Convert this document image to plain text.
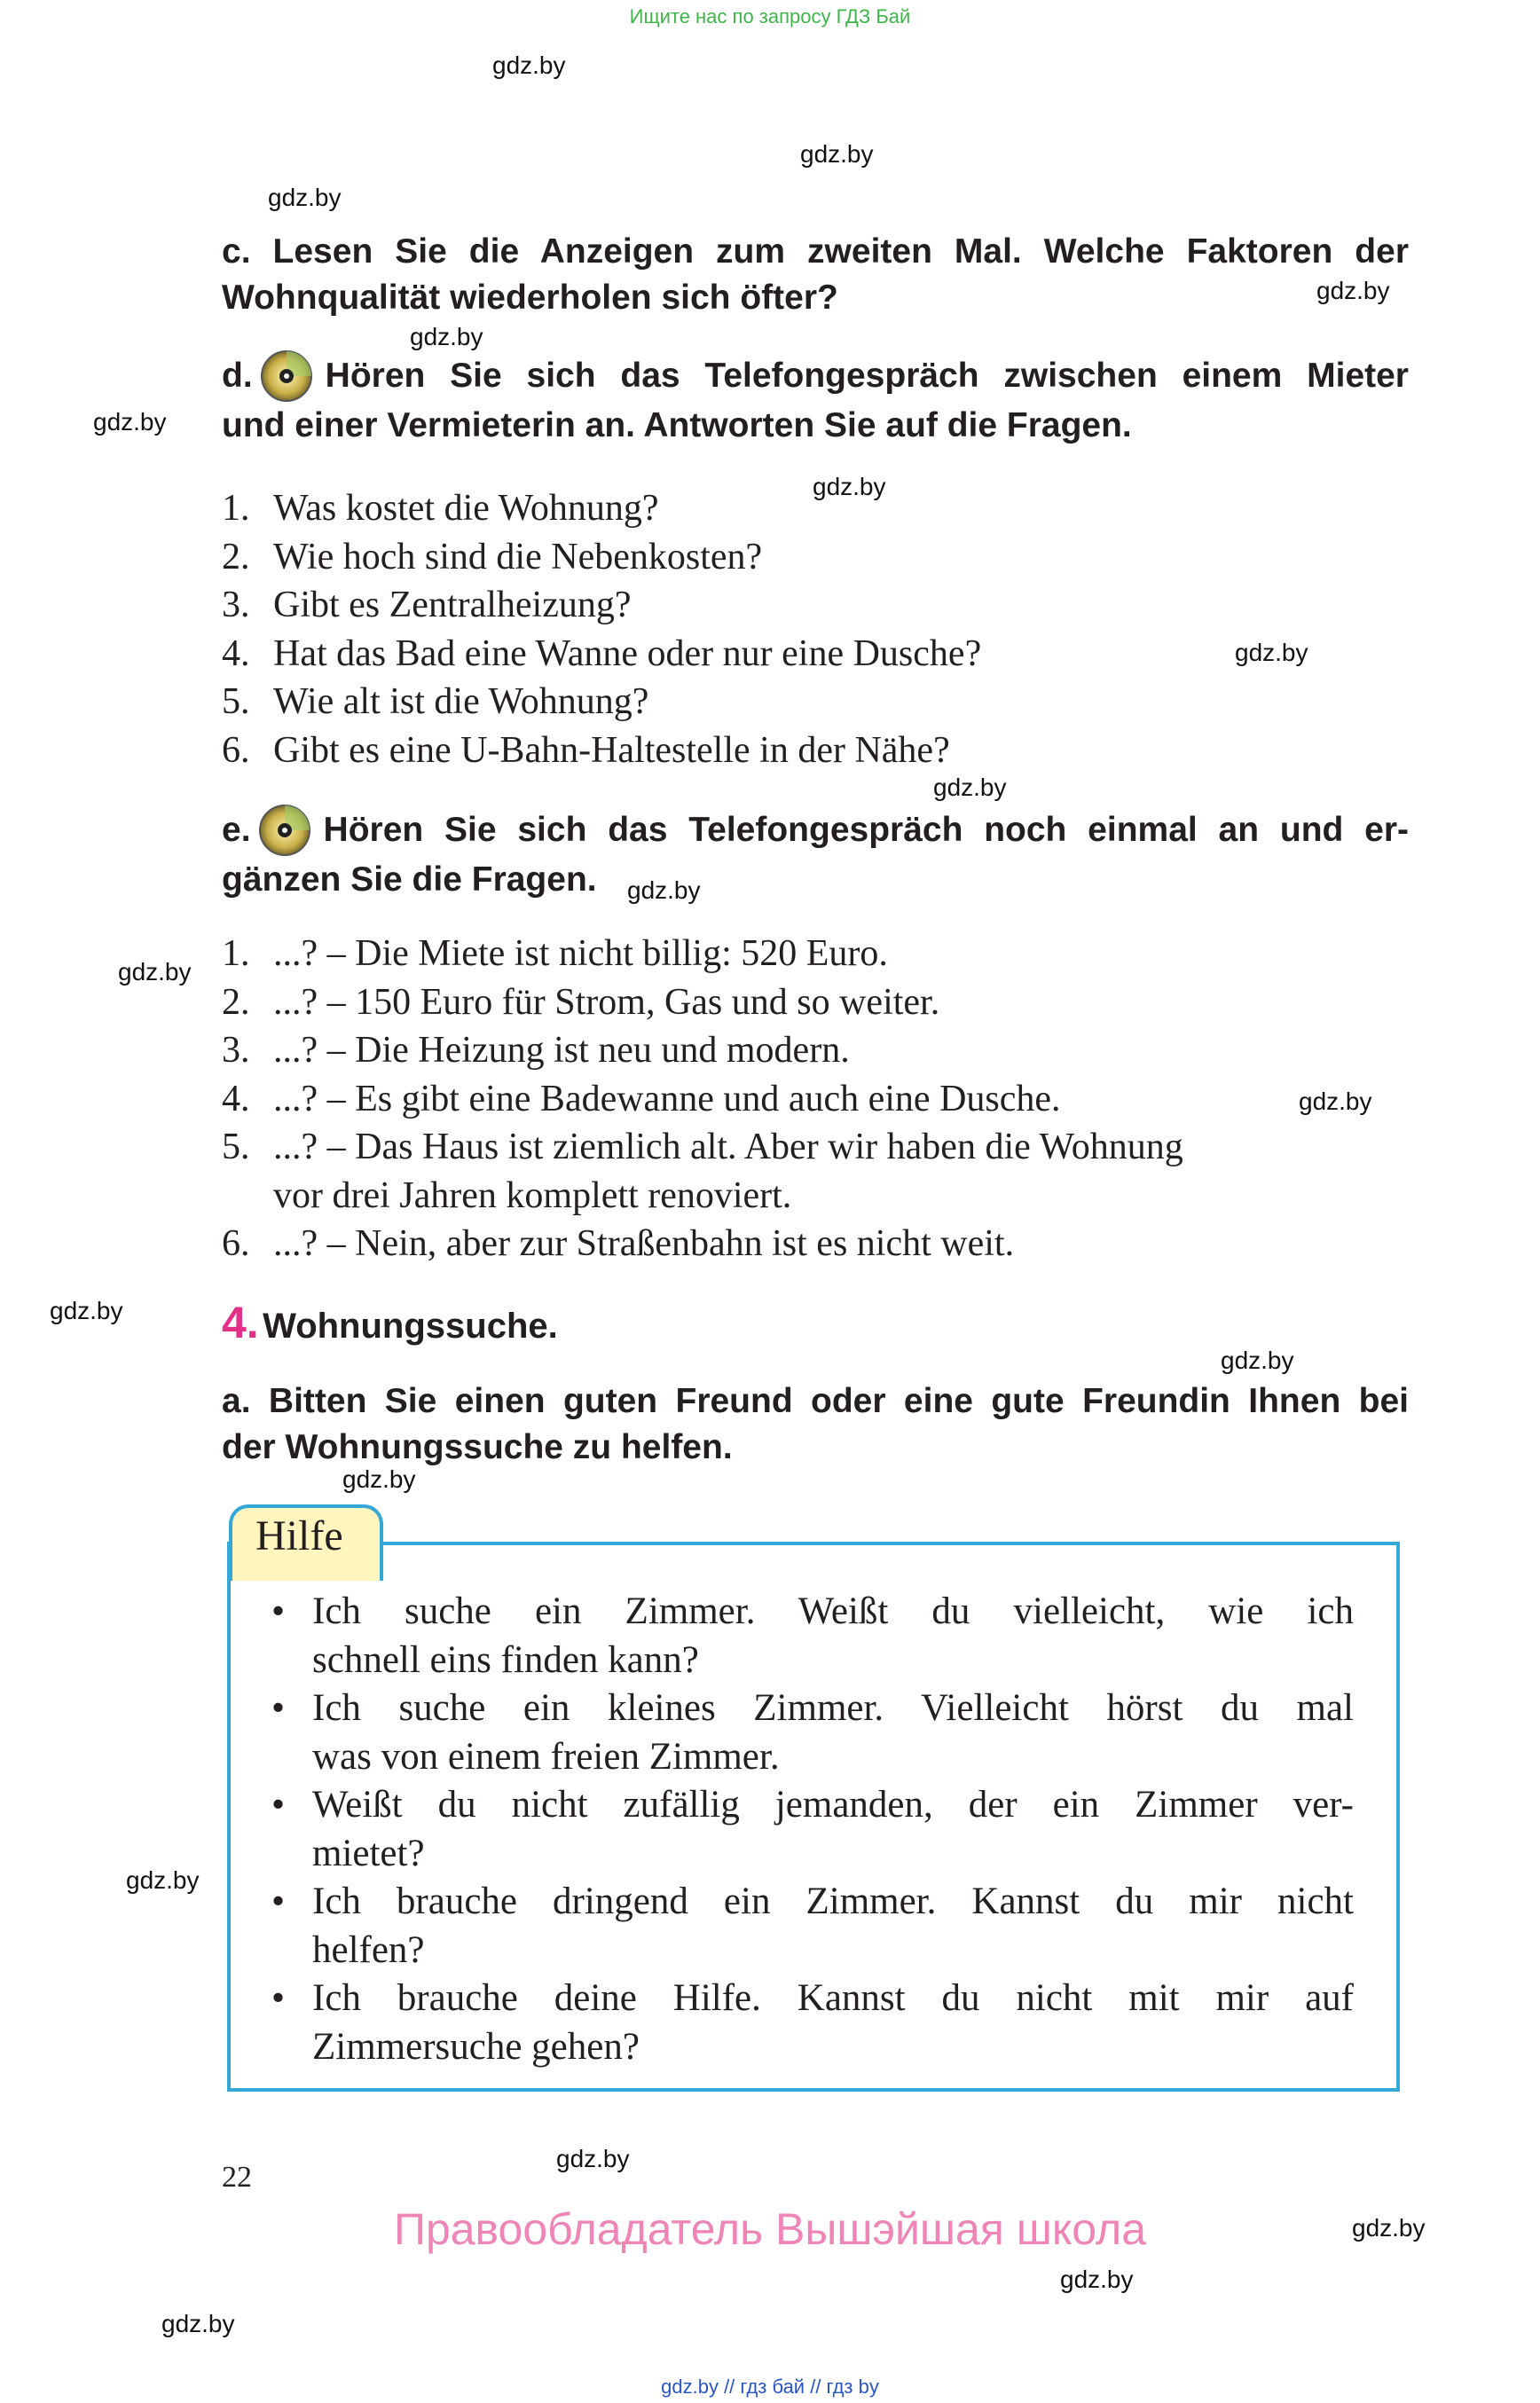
Ищите нас по запросу ГДЗ Бай
gdz.by
gdz.by
gdz.by
gdz.by
gdz.by
gdz.by
gdz.by
gdz.by
gdz.by
gdz.by
gdz.by
gdz.by
gdz.by
gdz.by
gdz.by
gdz.by
gdz.by
gdz.by
gdz.by
gdz.by
c. Lesen Sie die Anzeigen zum zweiten Mal. Welche Faktoren der
Wohnqualität wiederholen sich öfter?
d. Hören Sie sich das Telefongespräch zwischen einem Mieter
und einer Vermieterin an. Antworten Sie auf die Fragen.
1. Was kostet die Wohnung?
2. Wie hoch sind die Nebenkosten?
3. Gibt es Zentralheizung?
4. Hat das Bad eine Wanne oder nur eine Dusche?
5. Wie alt ist die Wohnung?
6. Gibt es eine U-Bahn-Haltestelle in der Nähe?
e. Hören Sie sich das Telefongespräch noch einmal an und er-
gänzen Sie die Fragen.
1. ...? – Die Miete ist nicht billig: 520 Euro.
2. ...? – 150 Euro für Strom, Gas und so weiter.
3. ...? – Die Heizung ist neu und modern.
4. ...? – Es gibt eine Badewanne und auch eine Dusche.
5. ...? – Das Haus ist ziemlich alt. Aber wir haben die Wohnung
vor drei Jahren komplett renoviert.
6. ...? – Nein, aber zur Straßenbahn ist es nicht weit.
4. Wohnungssuche.
a. Bitten Sie einen guten Freund oder eine gute Freundin Ihnen bei
der Wohnungssuche zu helfen.
Hilfe
• Ich suche ein Zimmer. Weißt du vielleicht, wie ich
schnell eins finden kann?
• Ich suche ein kleines Zimmer. Vielleicht hörst du mal
was von einem freien Zimmer.
• Weißt du nicht zufällig jemanden, der ein Zimmer ver-
mietet?
• Ich brauche dringend ein Zimmer. Kannst du mir nicht
helfen?
• Ich brauche deine Hilfe. Kannst du nicht mit mir auf
Zimmersuche gehen?
22
Правообладатель Вышэйшая школа
gdz.by // гдз бай // гдз by
